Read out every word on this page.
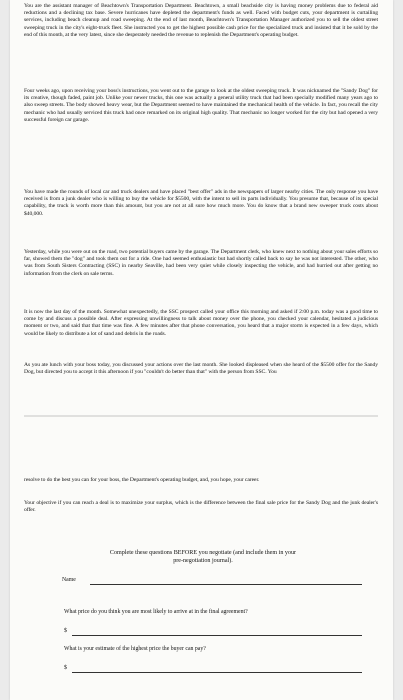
You are the assistant manager of Beachtown's Transportation Department. Beachtown, a small beachside city is having money problems due to federal aid reductions and a declining tax base. Severe hurricanes have depleted the department's funds as well. Faced with budget cuts, your department is curtailing services, including beach cleanup and road sweeping. At the end of last month, Beachtown's Transportation Manager authorized you to sell the oldest street sweeping truck in the city's eight-truck fleet. She instructed you to get the highest possible cash price for the specialized truck and insisted that it be sold by the end of this month, at the very latest, since she desperately needed the revenue to replenish the Department's operating budget.
Four weeks ago, upon receiving your boss's instructions, you went out to the garage to look at the oldest sweeping truck. It was nicknamed the "Sandy Dog" for its creative, though faded, paint job. Unlike your newer trucks, this one was actually a general utility truck that had been specially modified many years ago to also sweep streets. The body showed heavy wear, but the Department seemed to have maintained the mechanical health of the vehicle. In fact, you recall the city mechanic who had usually serviced this truck had once remarked on its original high quality. That mechanic no longer worked for the city but had opened a very successful foreign car garage.
You have made the rounds of local car and truck dealers and have placed "best offer" ads in the newspapers of larger nearby cities. The only response you have received is from a junk dealer who is willing to buy the vehicle for $5500, with the intent to sell its parts individually. You presume that, because of its special capability, the truck is worth more than this amount, but you are not at all sure how much more. You do know that a brand new sweeper truck costs about $40,000.
Yesterday, while you were out on the road, two potential buyers came by the garage. The Department clerk, who knew next to nothing about your sales efforts so far, showed them the "dog" and took them out for a ride. One had seemed enthusiastic but had shortly called back to say he was not interested. The other, who was from South Sisters Contracting (SSC) in nearby Seaville, had been very quiet while closely inspecting the vehicle, and had hurried out after getting no information from the clerk on sale terms.
It is now the last day of the month. Somewhat unexpectedly, the SSC prospect called your office this morning and asked if 2:00 p.m. today was a good time to come by and discuss a possible deal. After expressing unwillingness to talk about money over the phone, you checked your calendar, hesitated a judicious moment or two, and said that that time was fine. A few minutes after that phone conversation, you heard that a major storm is expected in a few days, which would be likely to distribute a lot of sand and debris in the roads.
As you ate lunch with your boss today, you discussed your actions over the last month. She looked displeased when she heard of the $5500 offer for the Sandy Dog, but directed you to accept it this afternoon if you "couldn't do better than that" with the person from SSC. You
resolve to do the best you can for your boss, the Department's operating budget, and, you hope, your career.
Your objective if you can reach a deal is to maximize your surplus, which is the difference between the final sale price for the Sandy Dog and the junk dealer's offer.
Complete these questions BEFORE you negotiate (and include them in your
pre-negotiation journal).
Name
What price do you think you are most likely to arrive at in the final agreement?
$
What is your estimate of the highest price the buyer can pay?
$
